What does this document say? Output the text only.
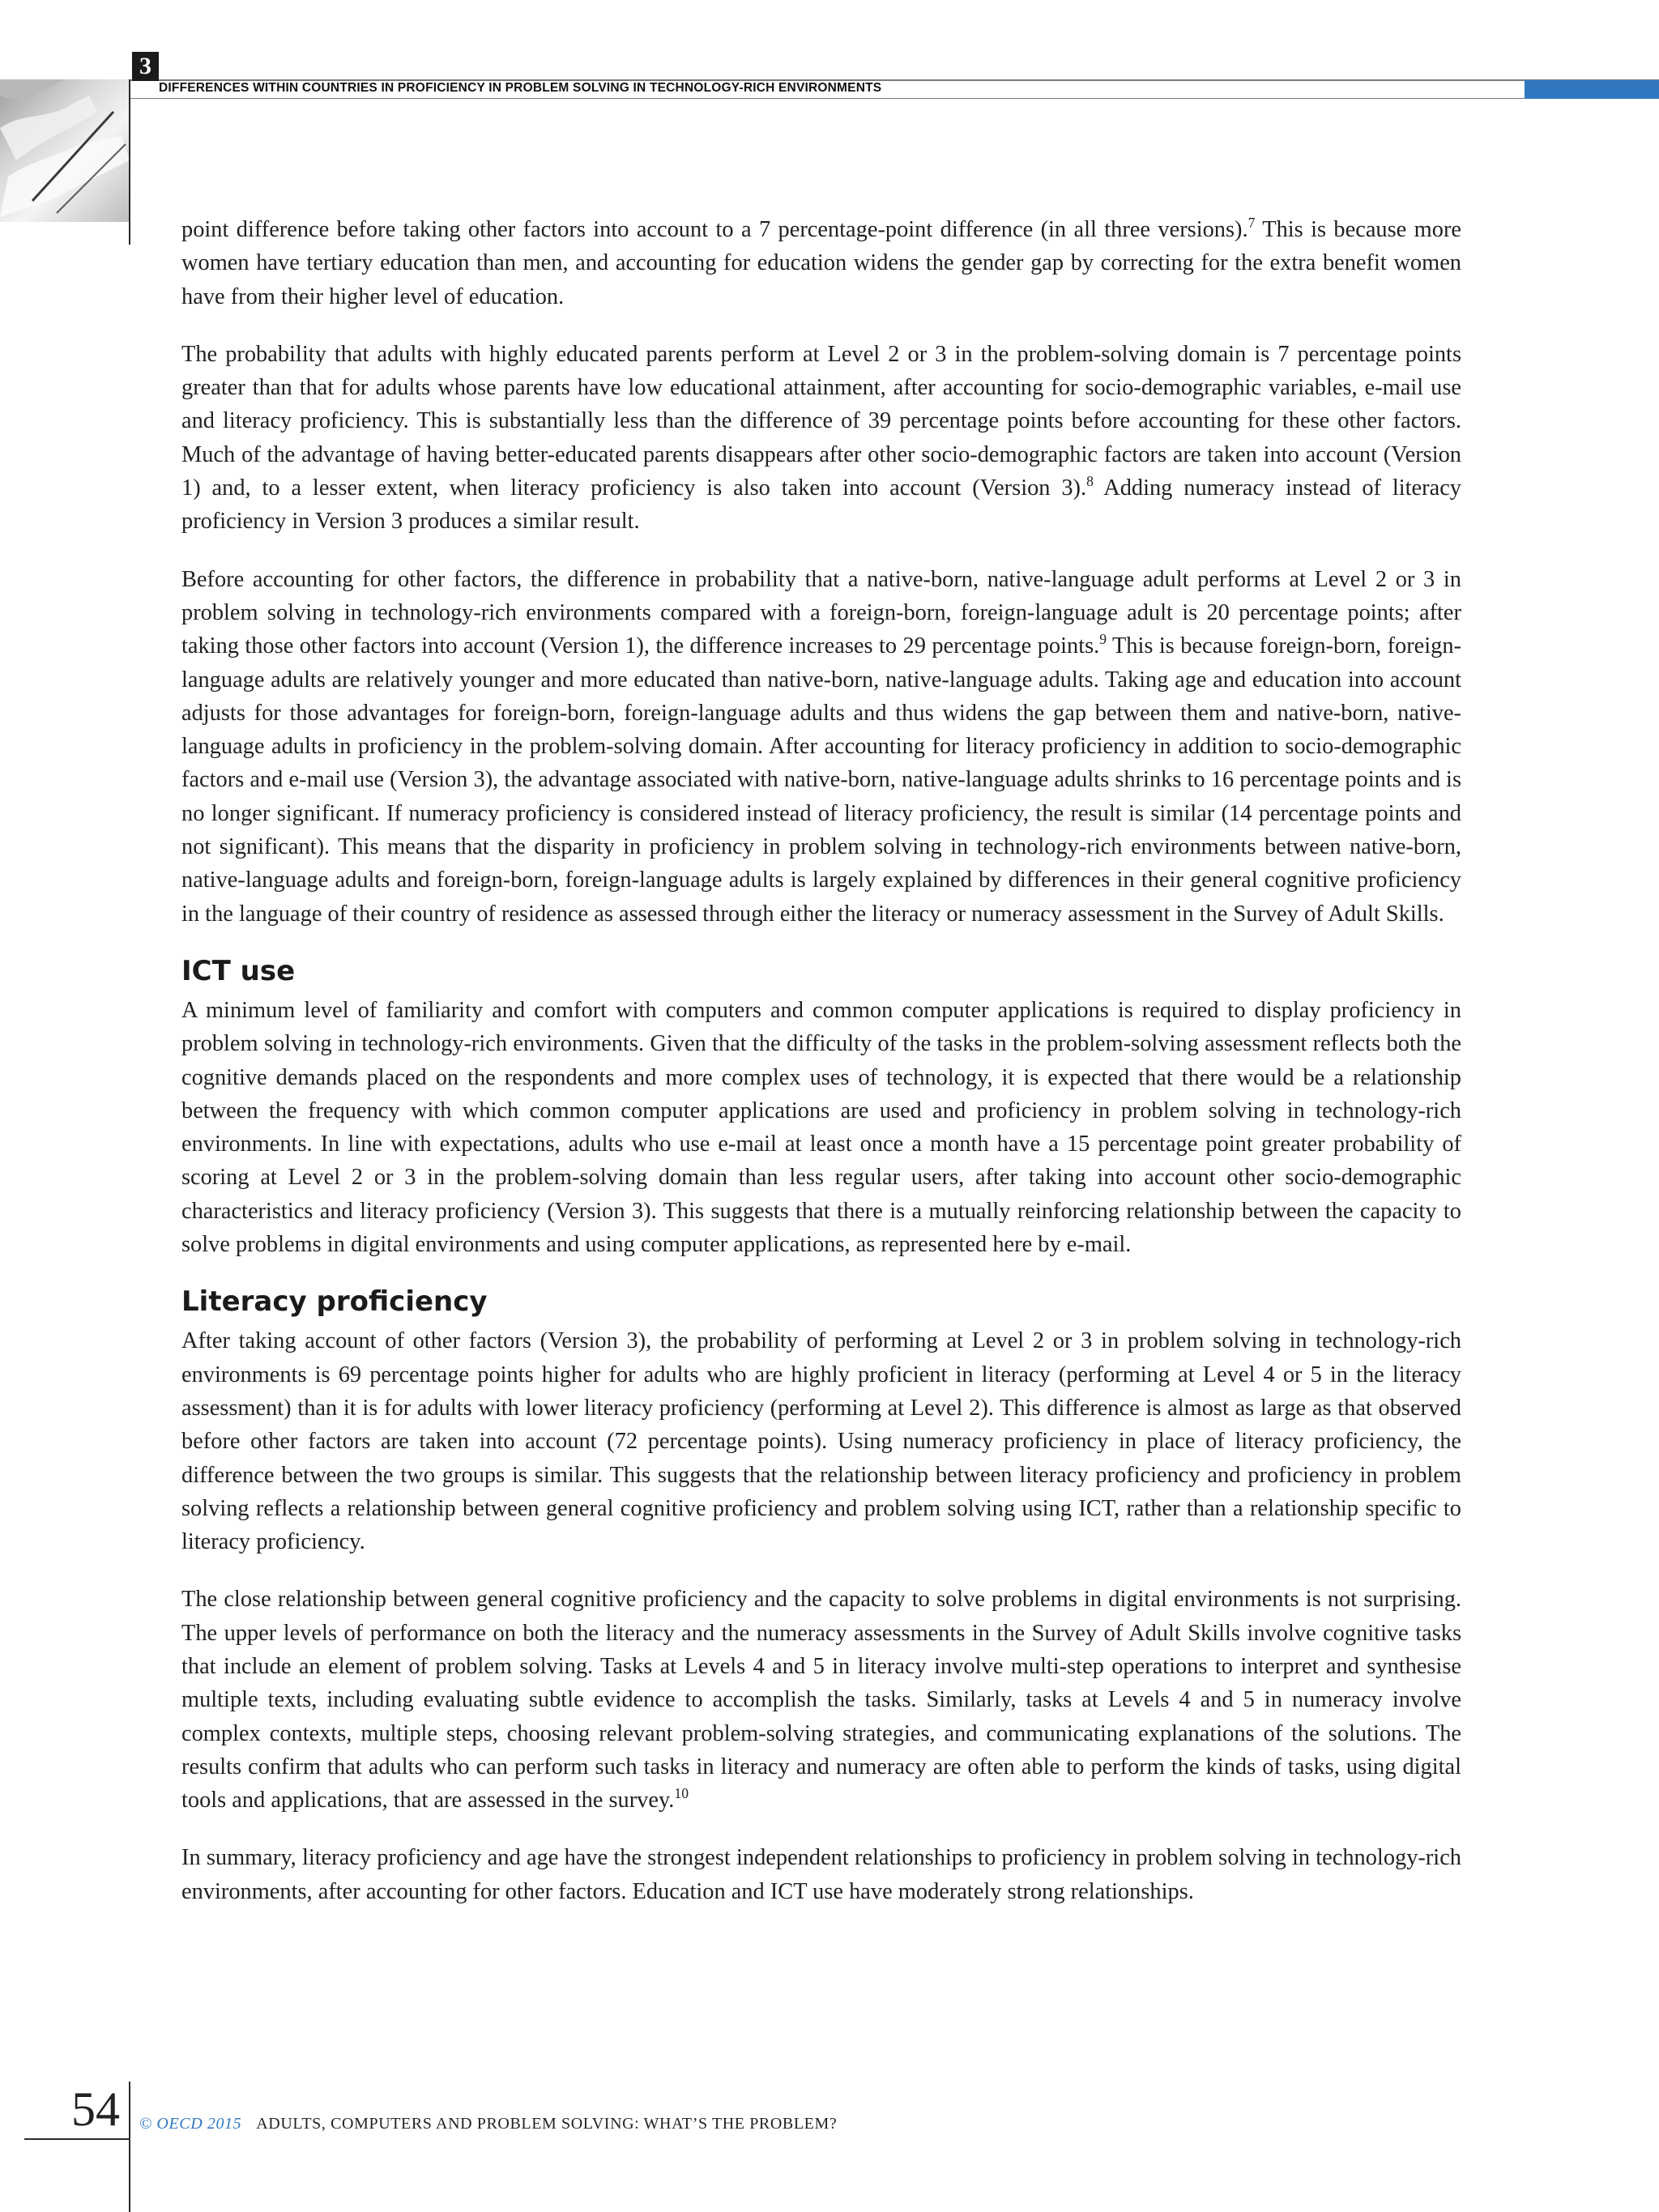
3
DIFFERENCES WITHIN COUNTRIES IN PROFICIENCY IN PROBLEM SOLVING IN TECHNOLOGY-RICH ENVIRONMENTS

point difference before taking other factors into account to a 7 percentage-point difference (in all three versions).$^7$ This is because more women have tertiary education than men, and accounting for education widens the gender gap by correcting for the extra benefit women have from their higher level of education.

The probability that adults with highly educated parents perform at Level 2 or 3 in the problem-solving domain is 7 percentage points greater than that for adults whose parents have low educational attainment, after accounting for socio-demographic variables, e-mail use and literacy proficiency. This is substantially less than the difference of 39 percentage points before accounting for these other factors. Much of the advantage of having better-educated parents disappears after other socio-demographic factors are taken into account (Version 1) and, to a lesser extent, when literacy proficiency is also taken into account (Version 3).$^8$ Adding numeracy instead of literacy proficiency in Version 3 produces a similar result.

Before accounting for other factors, the difference in probability that a native-born, native-language adult performs at Level 2 or 3 in problem solving in technology-rich environments compared with a foreign-born, foreign-language adult is 20 percentage points; after taking those other factors into account (Version 1), the difference increases to 29 percentage points.$^9$ This is because foreign-born, foreign-language adults are relatively younger and more educated than native-born, native-language adults. Taking age and education into account adjusts for those advantages for foreign-born, foreign-language adults and thus widens the gap between them and native-born, native-language adults in proficiency in the problem-solving domain. After accounting for literacy proficiency in addition to socio-demographic factors and e-mail use (Version 3), the advantage associated with native-born, native-language adults shrinks to 16 percentage points and is no longer significant. If numeracy proficiency is considered instead of literacy proficiency, the result is similar (14 percentage points and not significant). This means that the disparity in proficiency in problem solving in technology-rich environments between native-born, native-language adults and foreign-born, foreign-language adults is largely explained by differences in their general cognitive proficiency in the language of their country of residence as assessed through either the literacy or numeracy assessment in the Survey of Adult Skills.

ICT use

A minimum level of familiarity and comfort with computers and common computer applications is required to display proficiency in problem solving in technology-rich environments. Given that the difficulty of the tasks in the problem-solving assessment reflects both the cognitive demands placed on the respondents and more complex uses of technology, it is expected that there would be a relationship between the frequency with which common computer applications are used and proficiency in problem solving in technology-rich environments. In line with expectations, adults who use e-mail at least once a month have a 15 percentage point greater probability of scoring at Level 2 or 3 in the problem-solving domain than less regular users, after taking into account other socio-demographic characteristics and literacy proficiency (Version 3). This suggests that there is a mutually reinforcing relationship between the capacity to solve problems in digital environments and using computer applications, as represented here by e-mail.

Literacy proficiency

After taking account of other factors (Version 3), the probability of performing at Level 2 or 3 in problem solving in technology-rich environments is 69 percentage points higher for adults who are highly proficient in literacy (performing at Level 4 or 5 in the literacy assessment) than it is for adults with lower literacy proficiency (performing at Level 2). This difference is almost as large as that observed before other factors are taken into account (72 percentage points). Using numeracy proficiency in place of literacy proficiency, the difference between the two groups is similar. This suggests that the relationship between literacy proficiency and proficiency in problem solving reflects a relationship between general cognitive proficiency and problem solving using ICT, rather than a relationship specific to literacy proficiency.

The close relationship between general cognitive proficiency and the capacity to solve problems in digital environments is not surprising. The upper levels of performance on both the literacy and the numeracy assessments in the Survey of Adult Skills involve cognitive tasks that include an element of problem solving. Tasks at Levels 4 and 5 in literacy involve multi-step operations to interpret and synthesise multiple texts, including evaluating subtle evidence to accomplish the tasks. Similarly, tasks at Levels 4 and 5 in numeracy involve complex contexts, multiple steps, choosing relevant problem-solving strategies, and communicating explanations of the solutions. The results confirm that adults who can perform such tasks in literacy and numeracy are often able to perform the kinds of tasks, using digital tools and applications, that are assessed in the survey.$^{10}$

In summary, literacy proficiency and age have the strongest independent relationships to proficiency in problem solving in technology-rich environments, after accounting for other factors. Education and ICT use have moderately strong relationships.

54 © OECD 2015 ADULTS, COMPUTERS AND PROBLEM SOLVING: WHAT’S THE PROBLEM?
